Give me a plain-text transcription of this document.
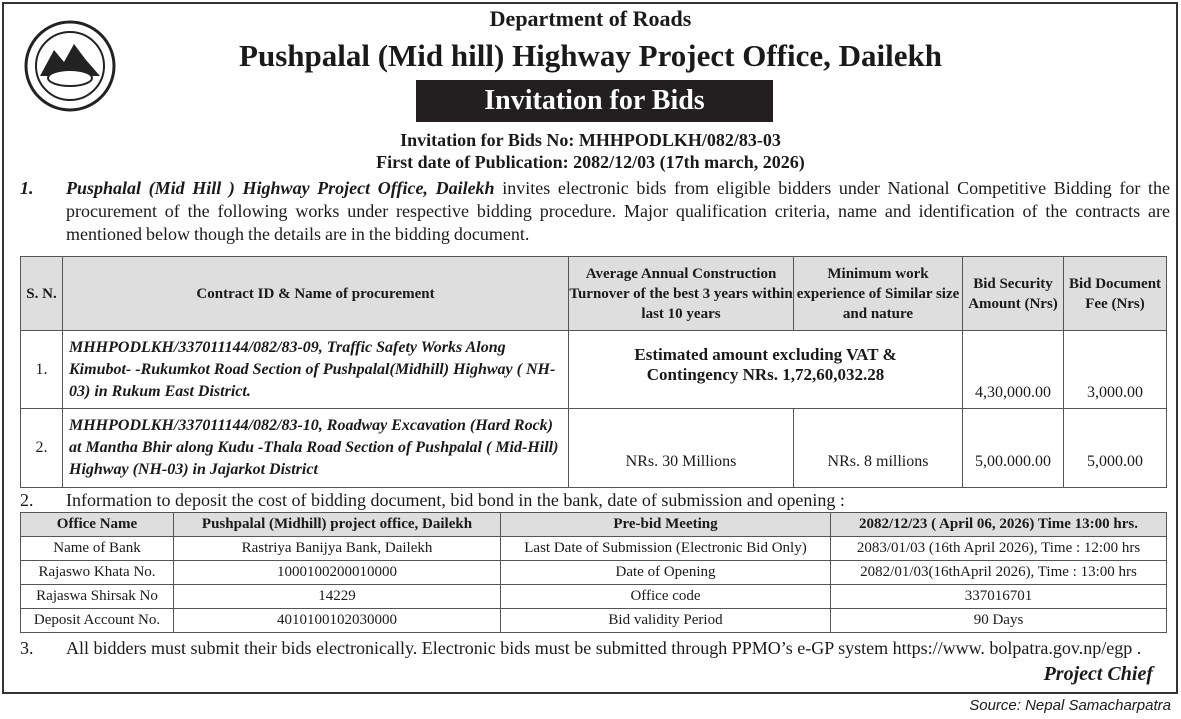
Department of Roads
Pushpalal (Mid hill) Highway Project Office, Dailekh
Invitation for Bids
Invitation for Bids No: MHHPODLKH/082/83-03
First date of Publication: 2082/12/03 (17th march, 2026)
1.	Pusphalal (Mid Hill ) Highway Project Office, Dailekh invites electronic bids from eligible bidders under National Competitive Bidding for the procurement of the following works under respective bidding procedure. Major qualification criteria, name and identification of the contracts are mentioned below though the details are in the bidding document.
S. N.	Contract ID & Name of procurement	Average Annual Construction Turnover of the best 3 years within last 10 years	Minimum work experience of Similar size and nature	Bid Security Amount (Nrs)	Bid Document Fee (Nrs)
1.	MHHPODLKH/337011144/082/83-09, Traffic Safety Works Along Kimubot- -Rukumkot Road Section of Pushpalal(Midhill) Highway ( NH-03) in Rukum East District.	Estimated amount excluding VAT & Contingency NRs. 1,72,60,032.28		4,30,000.00	3,000.00
2.	MHHPODLKH/337011144/082/83-10, Roadway Excavation (Hard Rock) at Mantha Bhir along Kudu -Thala Road Section of Pushpalal ( Mid-Hill) Highway (NH-03) in Jajarkot District	NRs. 30 Millions	NRs. 8 millions	5,00.000.00	5,000.00
2.	Information to deposit the cost of bidding document, bid bond in the bank, date of submission and opening :
Office Name	Pushpalal (Midhill) project office, Dailekh	Pre-bid Meeting	2082/12/23 ( April 06, 2026) Time 13:00 hrs.
Name of Bank	Rastriya Banijya Bank, Dailekh	Last Date of Submission (Electronic Bid Only)	2083/01/03 (16th April 2026), Time : 12:00 hrs
Rajaswo Khata No.	1000100200010000	Date of Opening	2082/01/03(16thApril 2026), Time : 13:00 hrs
Rajaswa Shirsak No	14229	Office code	337016701
Deposit Account No.	4010100102030000	Bid validity Period	90 Days
3.	All bidders must submit their bids electronically. Electronic bids must be submitted through PPMO’s e-GP system https://www. bolpatra.gov.np/egp .
Project Chief
Source: Nepal Samacharpatra
